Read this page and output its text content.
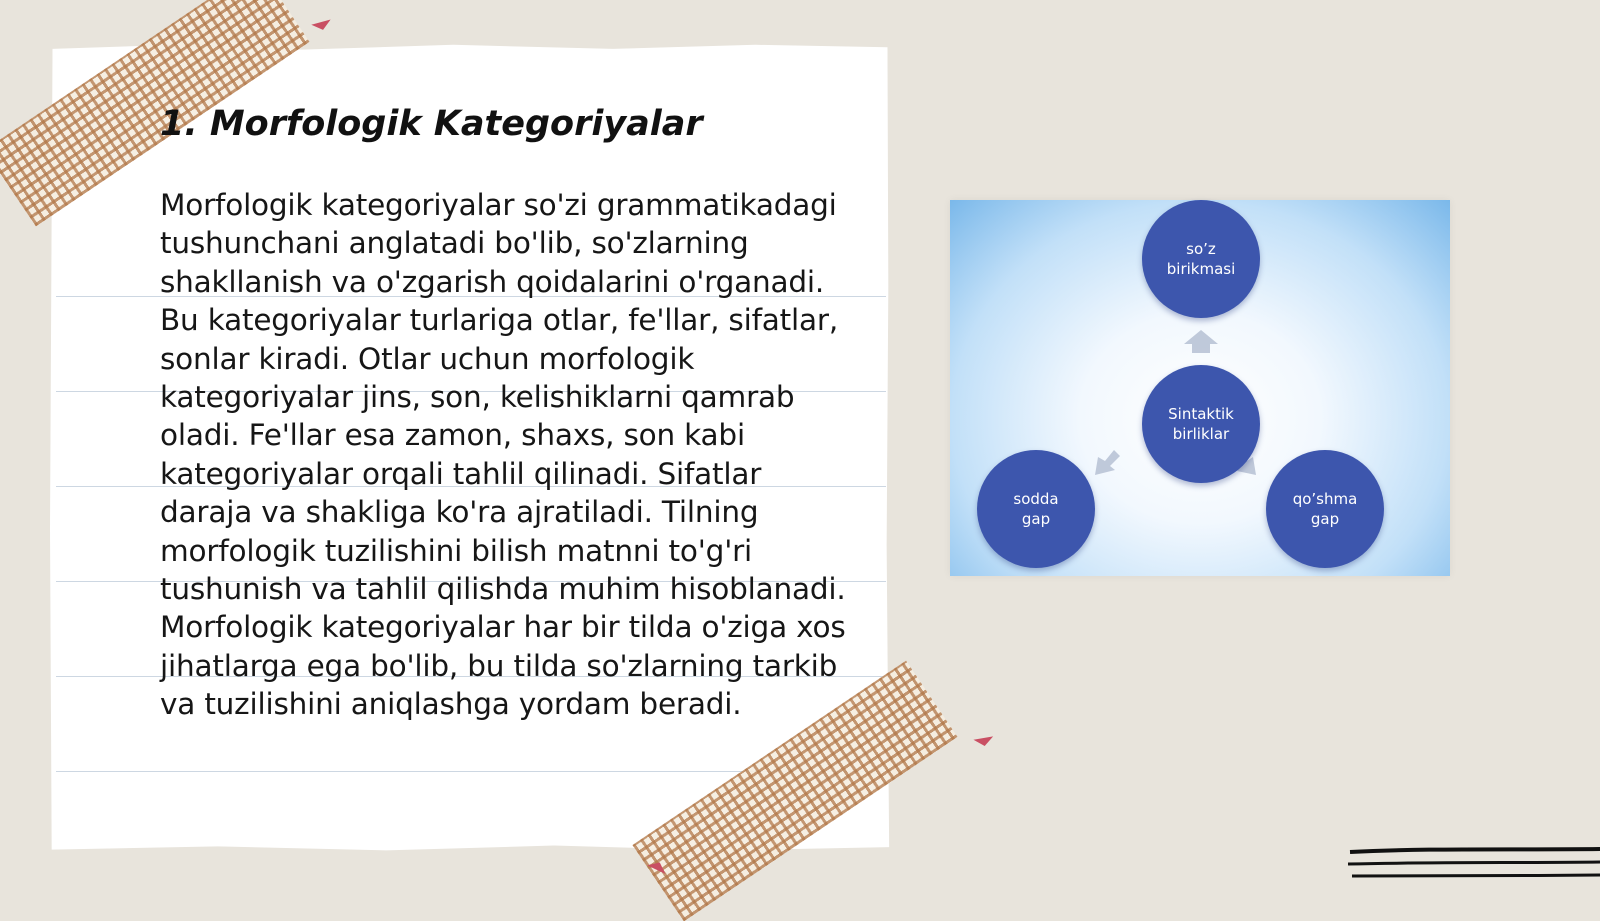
1. Morfologik Kategoriyalar

Morfologik kategoriyalar so'zi grammatikadagi tushunchani anglatadi bo'lib, so'zlarning shakllanish va o'zgarish qoidalarini o'rganadi. Bu kategoriyalar turlariga otlar, fe'llar, sifatlar, sonlar kiradi. Otlar uchun morfologik kategoriyalar jins, son, kelishiklarni qamrab oladi. Fe'llar esa zamon, shaxs, son kabi kategoriyalar orqali tahlil qilinadi. Sifatlar daraja va shakliga ko'ra ajratiladi. Tilning morfologik tuzilishini bilish matnni to'g'ri tushunish va tahlil qilishda muhim hisoblanadi. Morfologik kategoriyalar har bir tilda o'ziga xos jihatlarga ega bo'lib, bu tilda so'zlarning tarkib va tuzilishini aniqlashga yordam beradi.

so’z
birikmasi
Sintaktik
birliklar
sodda
gap
qo’shma
gap
